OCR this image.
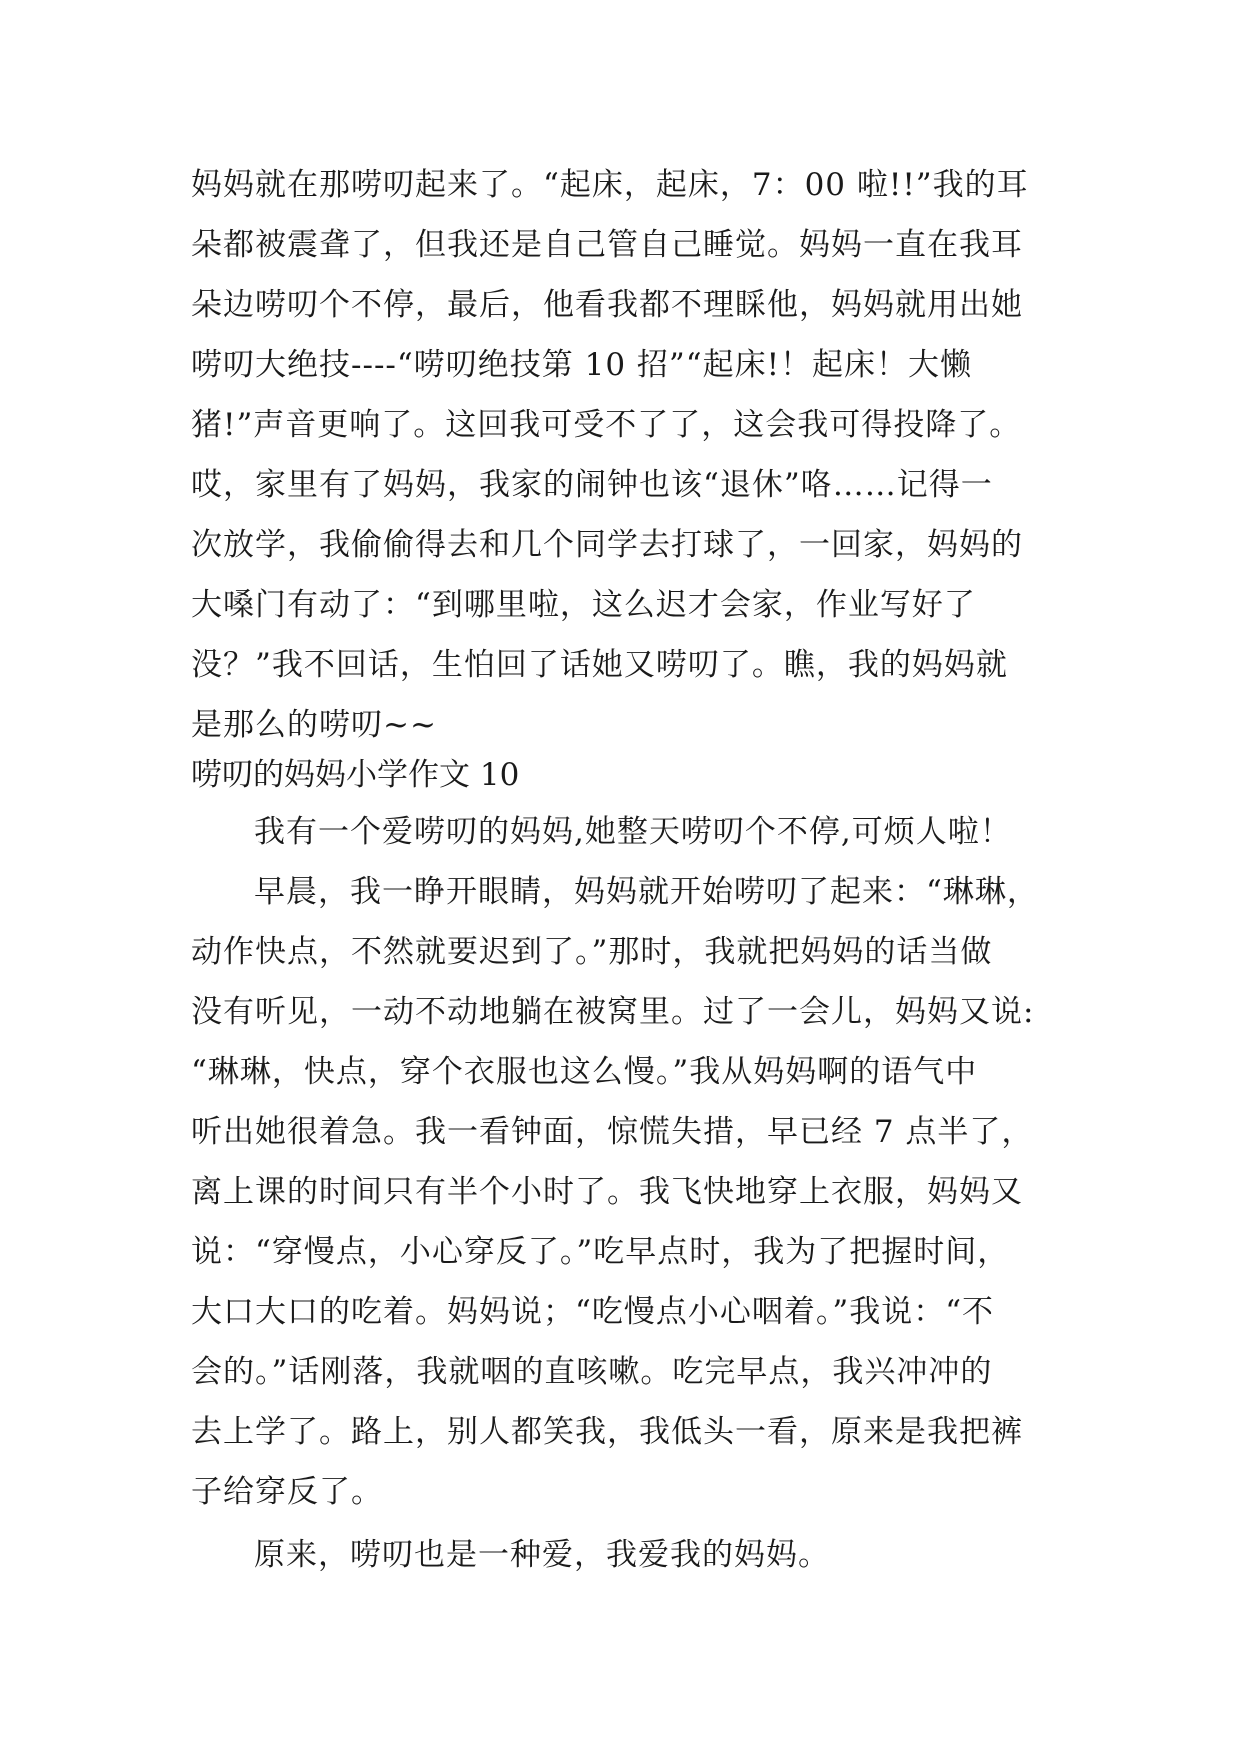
妈妈就在那唠叨起来了。“起床，起床，7：00 啦!!”我的耳
朵都被震聋了，但我还是自己管自己睡觉。妈妈一直在我耳
朵边唠叨个不停，最后，他看我都不理睬他，妈妈就用出她
唠叨大绝技----“唠叨绝技第 10 招”“起床!！起床！大懒
猪!”声音更响了。这回我可受不了了，这会我可得投降了。
哎，家里有了妈妈，我家的闹钟也该“退休”咯……记得一
次放学，我偷偷得去和几个同学去打球了，一回家，妈妈的
大嗓门有动了：“到哪里啦，这么迟才会家，作业写好了
没？”我不回话，生怕回了话她又唠叨了。瞧，我的妈妈就
是那么的唠叨~~
唠叨的妈妈小学作文 10
我有一个爱唠叨的妈妈,她整天唠叨个不停,可烦人啦！
早晨，我一睁开眼睛，妈妈就开始唠叨了起来：“琳琳，
动作快点，不然就要迟到了。”那时，我就把妈妈的话当做
没有听见，一动不动地躺在被窝里。过了一会儿，妈妈又说:
“琳琳，快点，穿个衣服也这么慢。”我从妈妈啊的语气中
听出她很着急。我一看钟面，惊慌失措，早已经 7 点半了，
离上课的时间只有半个小时了。我飞快地穿上衣服，妈妈又
说：“穿慢点，小心穿反了。”吃早点时，我为了把握时间，
大口大口的吃着。妈妈说；“吃慢点小心咽着。”我说：“不
会的。”话刚落，我就咽的直咳嗽。吃完早点，我兴冲冲的
去上学了。路上，别人都笑我，我低头一看，原来是我把裤
子给穿反了。
原来，唠叨也是一种爱，我爱我的妈妈。
